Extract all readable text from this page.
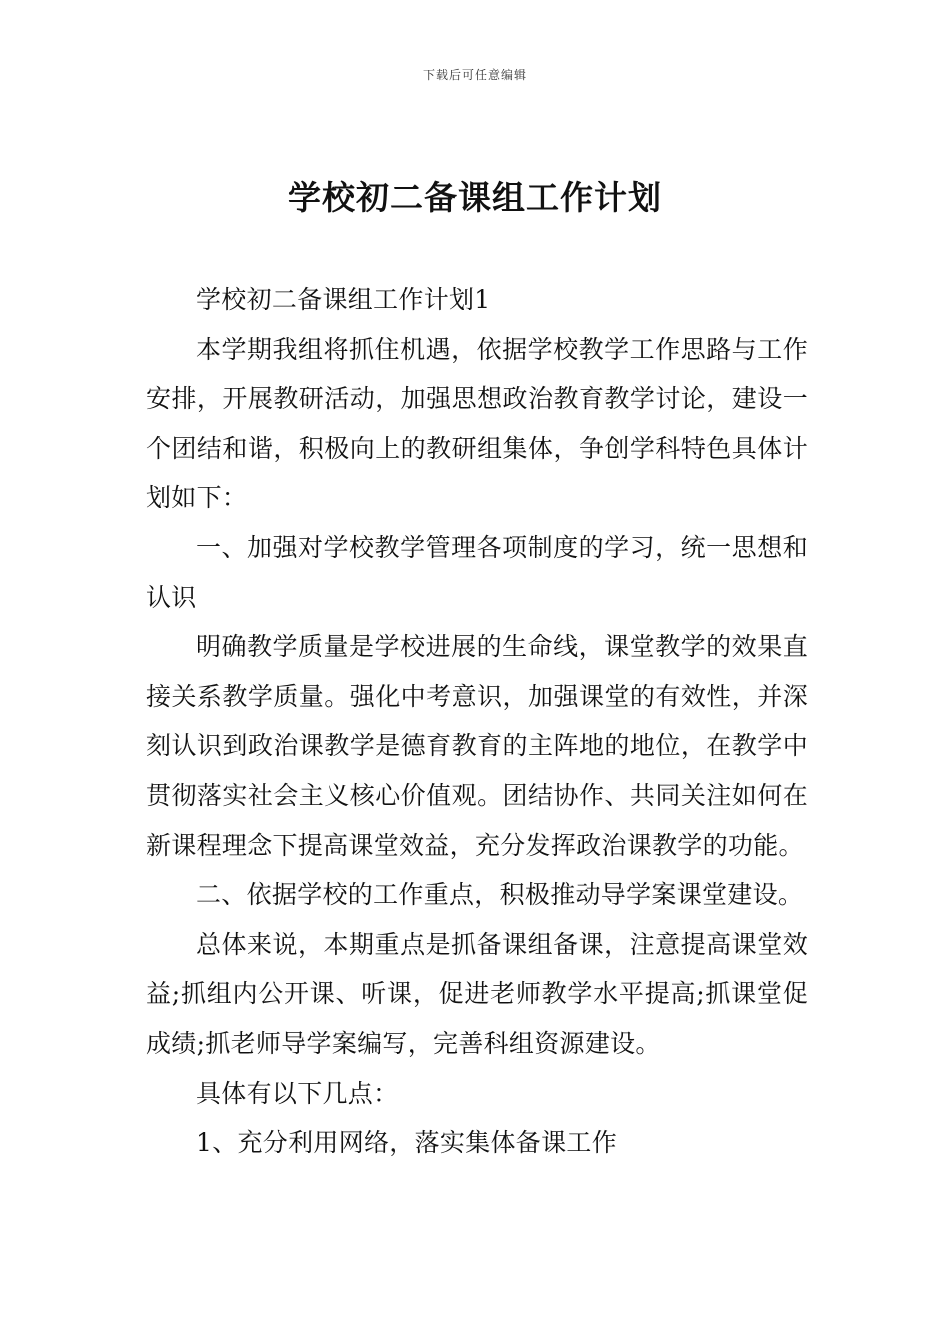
下载后可任意编辑
学校初二备课组工作计划

学校初二备课组工作计划1

本学期我组将抓住机遇，依据学校教学工作思路与工作安排，开展教研活动，加强思想政治教育教学讨论，建设一个团结和谐，积极向上的教研组集体，争创学科特色具体计划如下：

一、加强对学校教学管理各项制度的学习，统一思想和认识

明确教学质量是学校进展的生命线，课堂教学的效果直接关系教学质量。强化中考意识，加强课堂的有效性，并深刻认识到政治课教学是德育教育的主阵地的地位，在教学中贯彻落实社会主义核心价值观。团结协作、共同关注如何在新课程理念下提高课堂效益，充分发挥政治课教学的功能。

二、依据学校的工作重点，积极推动导学案课堂建设。

总体来说，本期重点是抓备课组备课，注意提高课堂效益;抓组内公开课、听课，促进老师教学水平提高;抓课堂促成绩;抓老师导学案编写，完善科组资源建设。

具体有以下几点：

1、充分利用网络，落实集体备课工作
